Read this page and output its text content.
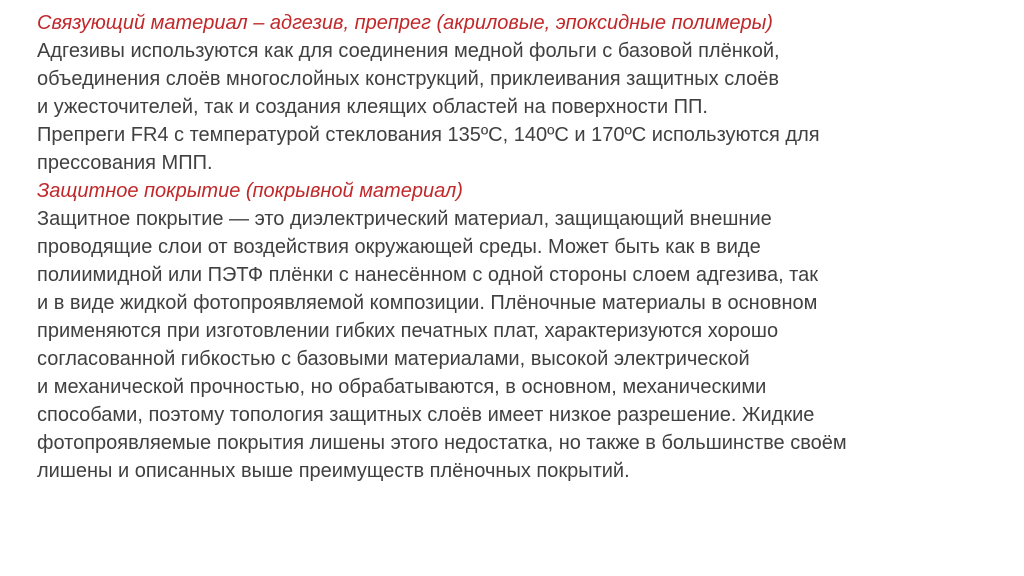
Связующий материал – адгезив, препрег (акриловые, эпоксидные полимеры)

Адгезивы используются как для соединения медной фольги с базовой плёнкой,
объединения слоёв многослойных конструкций, приклеивания защитных слоёв
и ужесточителей, так и создания клеящих областей на поверхности ПП.

Препреги FR4 с температурой стеклования 135ºС, 140ºС и 170ºС используются для
прессования МПП.

Защитное покрытие (покрывной материал)

Защитное покрытие — это диэлектрический материал, защищающий внешние
проводящие слои от воздействия окружающей среды. Может быть как в виде
полиимидной или ПЭТФ плёнки с нанесённом с одной стороны слоем адгезива, так
и в виде жидкой фотопроявляемой композиции. Плёночные материалы в основном
применяются при изготовлении гибких печатных плат, характеризуются хорошо
согласованной гибкостью с базовыми материалами, высокой электрической
и механической прочностью, но обрабатываются, в основном, механическими
способами, поэтому топология защитных слоёв имеет низкое разрешение. Жидкие
фотопроявляемые покрытия лишены этого недостатка, но также в большинстве своём
лишены и описанных выше преимуществ плёночных покрытий.
